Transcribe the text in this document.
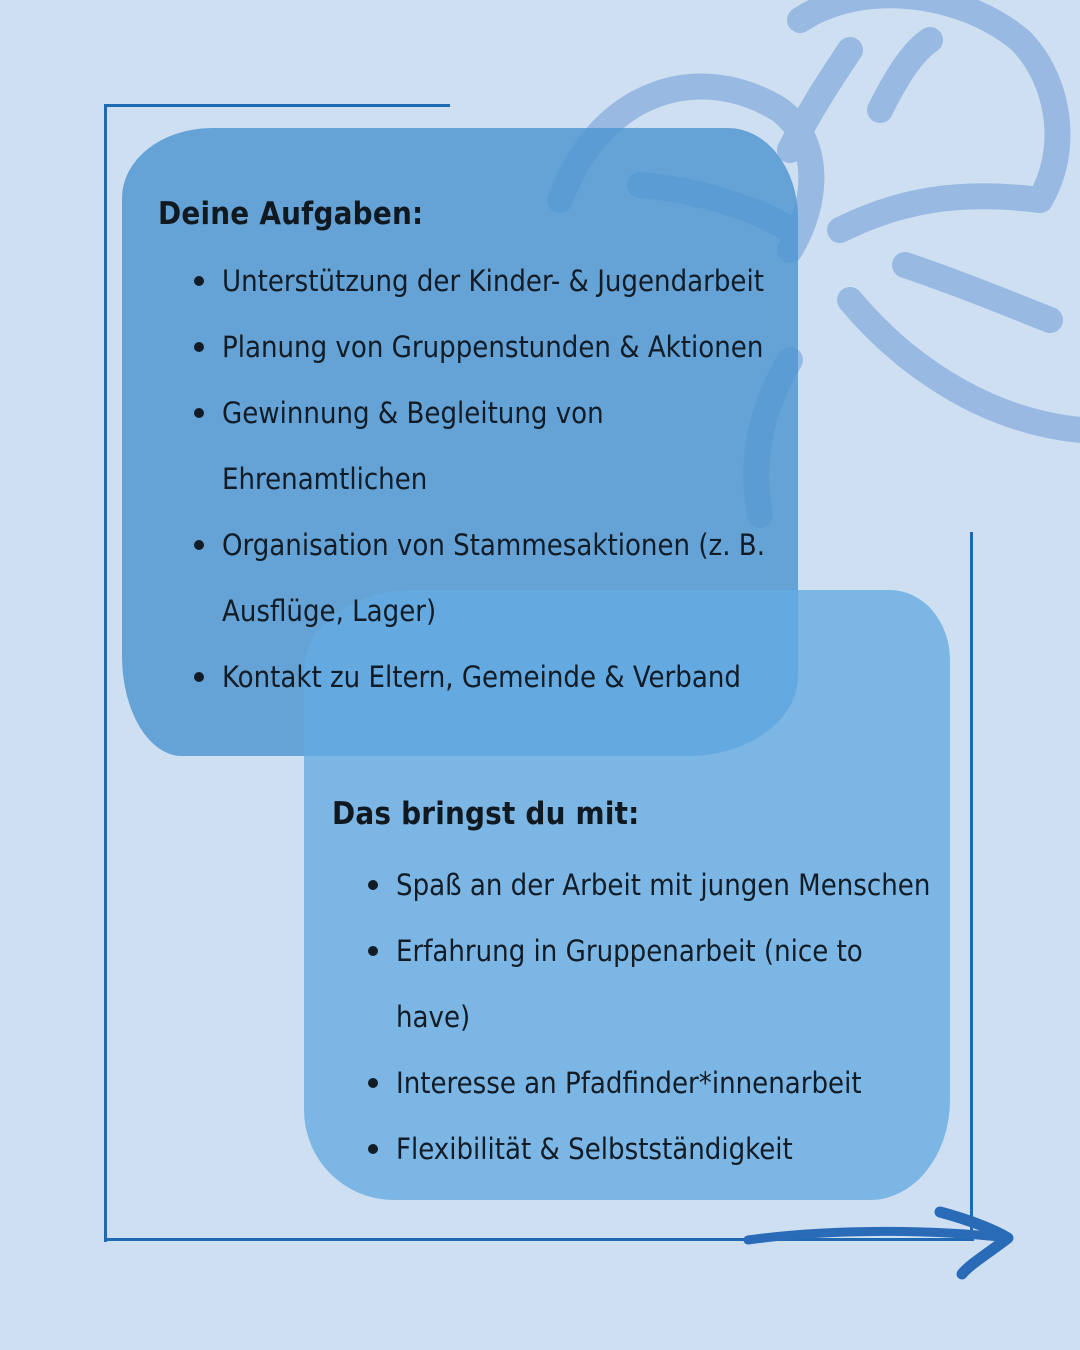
Deine Aufgaben:
Unterstützung der Kinder- & Jugendarbeit
Planung von Gruppenstunden & Aktionen
Gewinnung & Begleitung von Ehrenamtlichen
Organisation von Stammesaktionen (z. B. Ausflüge, Lager)
Kontakt zu Eltern, Gemeinde & Verband
Das bringst du mit:
Spaß an der Arbeit mit jungen Menschen
Erfahrung in Gruppenarbeit (nice to have)
Interesse an Pfadfinder*innenarbeit
Flexibilität & Selbstständigkeit
